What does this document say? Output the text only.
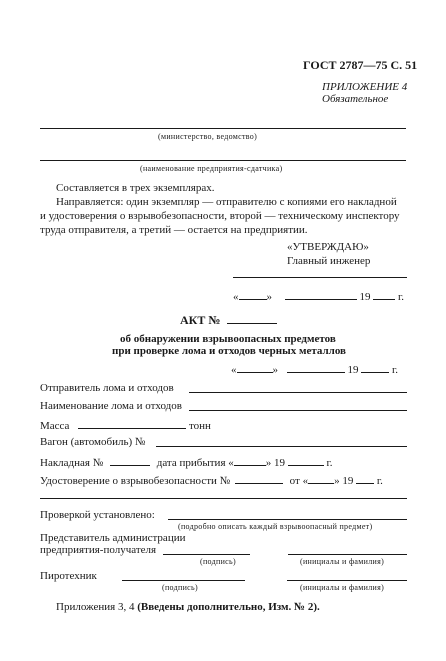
ГОСТ 2787—75 С. 51
ПРИЛОЖЕНИЕ 4
Обязательное
(министерство, ведомство)
(наименование предприятия-сдатчика)
Составляется в трех экземплярах.
Направляется: один экземпляр — отправителю с копиями его накладной
и удостоверения о взрывобезопасности, второй — техническому инспектору
труда отправителя, а третий — остается на предприятии.
«УТВЕРЖДАЮ»
Главный инженер
«	»	19	г.
АКТ №
об обнаружении взрывоопасных предметов
при проверке лома и отходов черных металлов
«	»	19	г.
Отправитель лома и отходов
Наименование лома и отходов
Масса	тонн
Вагон (автомобиль) №
Накладная №	дата прибытия «	» 19	г.
Удостоверение о взрывобезопасности №	от « » 19 г.
Проверкой установлено:
(подробно описать каждый взрывоопасный предмет)
Представитель администрации
предприятия-получателя
(подпись)	(инициалы и фамилия)
Пиротехник
(подпись)	(инициалы и фамилия)
Приложения 3, 4 (Введены дополнительно, Изм. № 2).
